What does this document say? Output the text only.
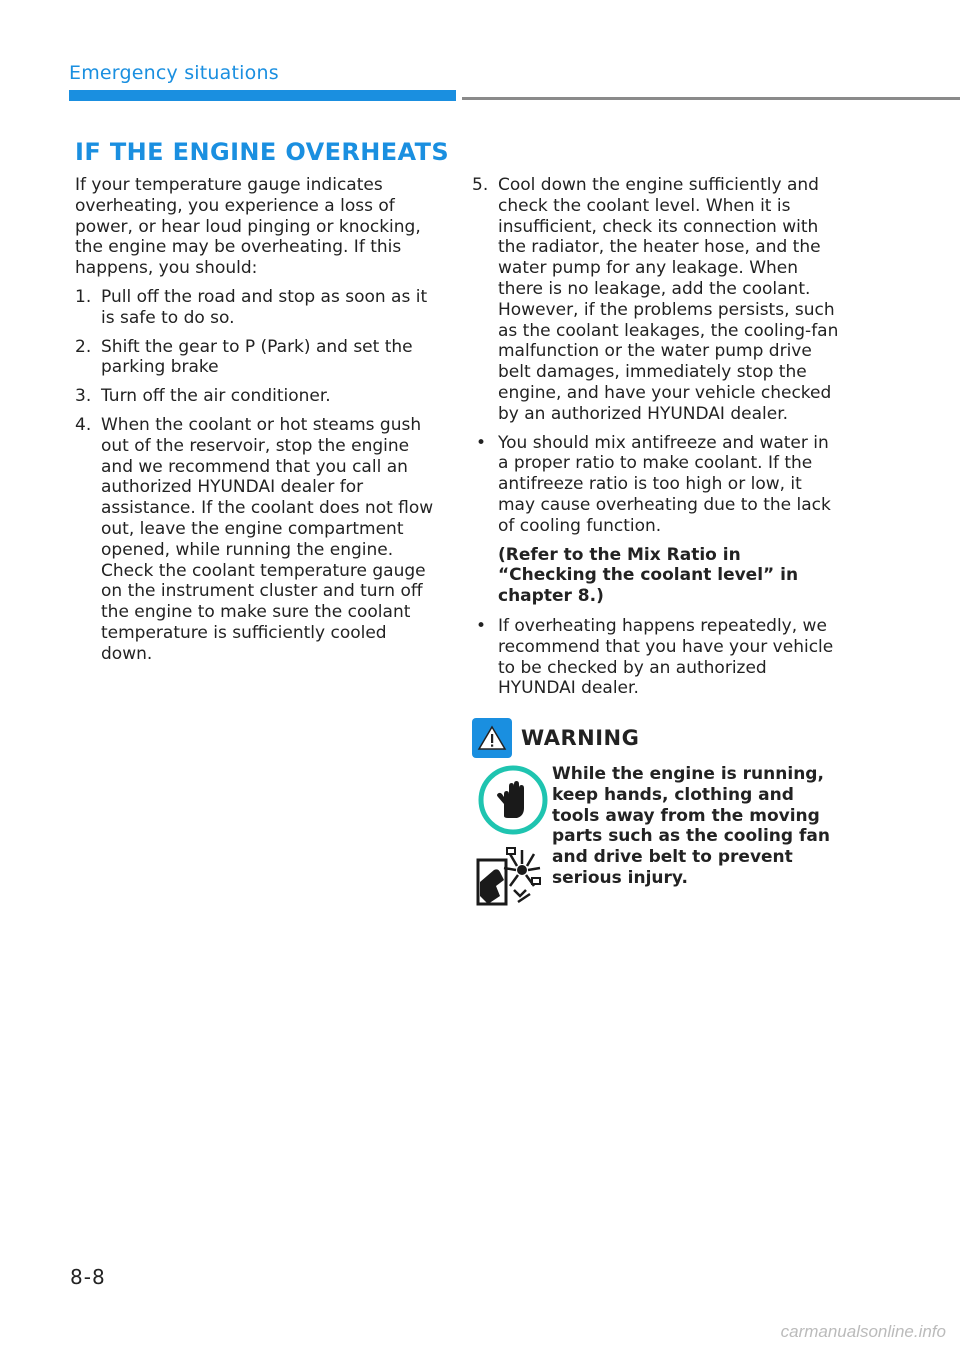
Emergency situations
IF THE ENGINE OVERHEATS

If your temperature gauge indicates overheating, you experience a loss of power, or hear loud pinging or knocking, the engine may be overheating. If this happens, you should:

1. Pull off the road and stop as soon as it is safe to do so.
2. Shift the gear to P (Park) and set the parking brake
3. Turn off the air conditioner.
4. When the coolant or hot steams gush out of the reservoir, stop the engine and we recommend that you call an authorized HYUNDAI dealer for assistance. If the coolant does not flow out, leave the engine compartment opened, while running the engine. Check the coolant temperature gauge on the instrument cluster and turn off the engine to make sure the coolant temperature is sufficiently cooled down.
5. Cool down the engine sufficiently and check the coolant level. When it is insufficient, check its connection with the radiator, the heater hose, and the water pump for any leakage. When there is no leakage, add the coolant. However, if the problems persists, such as the coolant leakages, the cooling-fan malfunction or the water pump drive belt damages, immediately stop the engine, and have your vehicle checked by an authorized HYUNDAI dealer.
• You should mix antifreeze and water in a proper ratio to make coolant. If the antifreeze ratio is too high or low, it may cause overheating due to the lack of cooling function.

(Refer to the Mix Ratio in “Checking the coolant level” in chapter 8.)

• If overheating happens repeatedly, we recommend that you have your vehicle to be checked by an authorized HYUNDAI dealer.
WARNING
While the engine is running, keep hands, clothing and tools away from the moving parts such as the cooling fan and drive belt to prevent serious injury.
8-8
carmanualsonline.info
